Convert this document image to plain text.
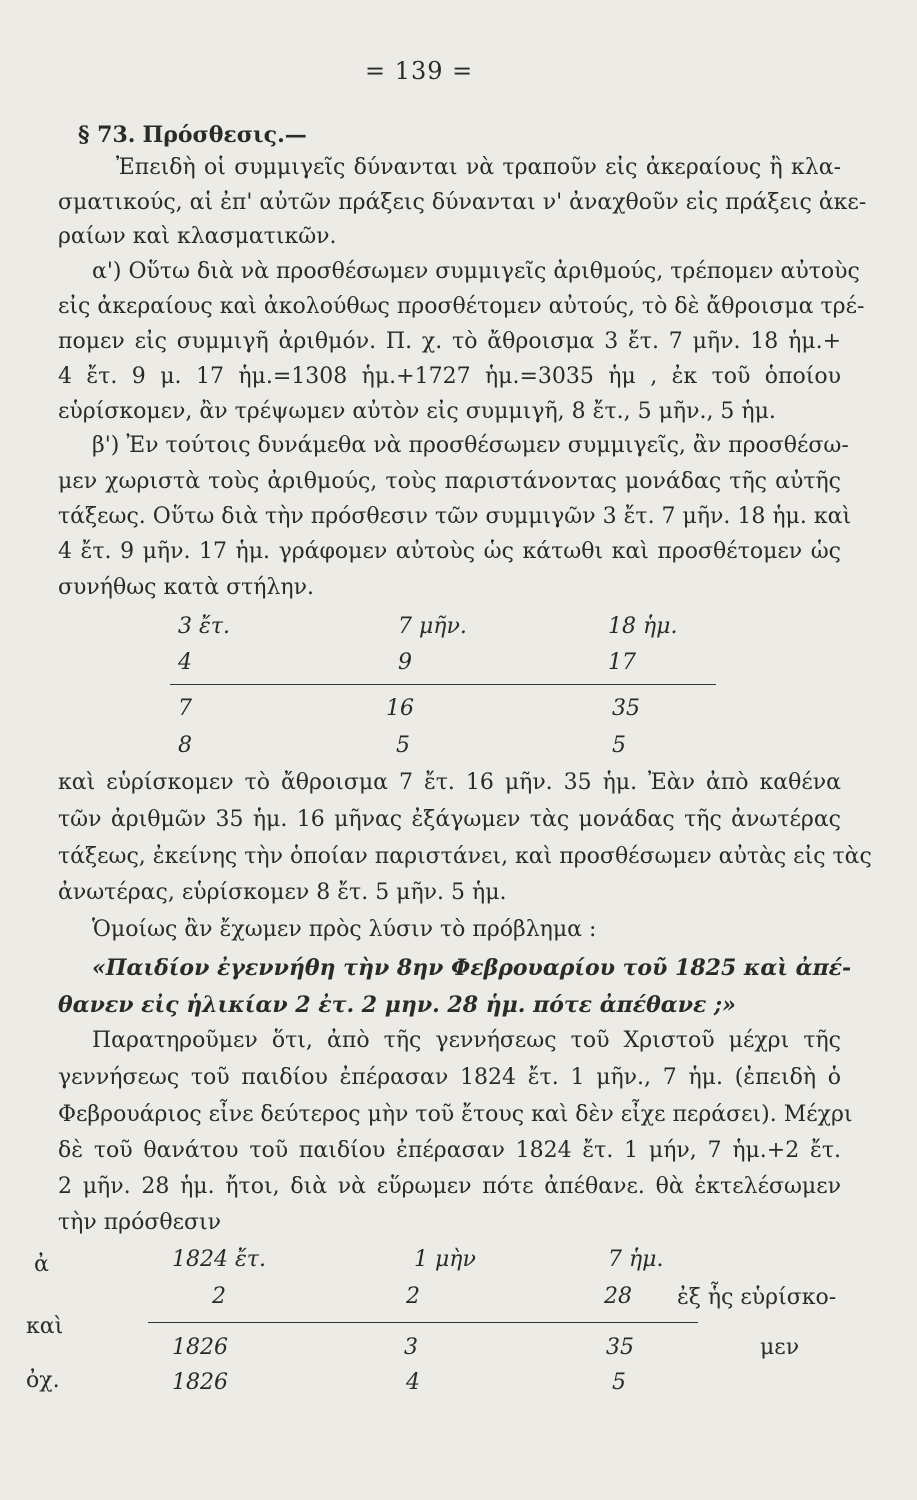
= 139 =
§ 73. Πρόσθεσις.—
Ἐπειδὴ οἱ συμμιγεῖς δύνανται νὰ τραποῦν εἰς ἀκεραίους ἢ κλα-
σματικούς, αἱ ἐπ' αὐτῶν πράξεις δύνανται ν' ἀναχθοῦν εἰς πράξεις ἀκε-
ραίων καὶ κλασματικῶν.
α') Οὕτω διὰ νὰ προσθέσωμεν συμμιγεῖς ἀριθμούς, τρέπομεν αὐτοὺς
εἰς ἀκεραίους καὶ ἀκολούθως προσθέτομεν αὐτούς, τὸ δὲ ἄθροισμα τρέ-
πομεν εἰς συμμιγῆ ἀριθμόν. Π. χ. τὸ ἄθροισμα 3 ἔτ. 7 μῆν. 18 ἡμ.+
4 ἔτ. 9 μ. 17 ἡμ.=1308 ἡμ.+1727 ἡμ.=3035 ἡμ , ἐκ τοῦ ὁποίου
εὑρίσκομεν, ἂν τρέψωμεν αὐτὸν εἰς συμμιγῆ, 8 ἔτ., 5 μῆν., 5 ἡμ.
β') Ἐν τούτοις δυνάμεθα νὰ προσθέσωμεν συμμιγεῖς, ἂν προσθέσω-
μεν χωριστὰ τοὺς ἀριθμούς, τοὺς παριστάνοντας μονάδας τῆς αὐτῆς
τάξεως. Οὕτω διὰ τὴν πρόσθεσιν τῶν συμμιγῶν 3 ἔτ. 7 μῆν. 18 ἡμ. καὶ
4 ἔτ. 9 μῆν. 17 ἡμ. γράφομεν αὐτοὺς ὡς κάτωθι καὶ προσθέτομεν ὡς
συνήθως κατὰ στήλην.
3 ἔτ.	7 μῆν.	18 ἡμ.
4	9	17
7	16	35
8	5	5
καὶ εὑρίσκομεν τὸ ἄθροισμα 7 ἔτ. 16 μῆν. 35 ἡμ. Ἐὰν ἀπὸ καθένα
τῶν ἀριθμῶν 35 ἡμ. 16 μῆνας ἐξάγωμεν τὰς μονάδας τῆς ἀνωτέρας
τάξεως, ἐκείνης τὴν ὁποίαν παριστάνει, καὶ προσθέσωμεν αὐτὰς εἰς τὰς
ἀνωτέρας, εὑρίσκομεν 8 ἔτ. 5 μῆν. 5 ἡμ.
Ὁμοίως ἂν ἔχωμεν πρὸς λύσιν τὸ πρόβλημα :
«Παιδίον ἐγεννήθη τὴν 8ην Φεβρουαρίου τοῦ 1825 καὶ ἀπέ-
θανεν εἰς ἡλικίαν 2 ἐτ. 2 μην. 28 ἡμ. πότε ἀπέθανε ;»
Παρατηροῦμεν ὅτι, ἀπὸ τῆς γεννήσεως τοῦ Χριστοῦ μέχρι τῆς
γεννήσεως τοῦ παιδίου ἐπέρασαν 1824 ἔτ. 1 μῆν., 7 ἡμ. (ἐπειδὴ ὁ
Φεβρουάριος εἶνε δεύτερος μὴν τοῦ ἔτους καὶ δὲν εἶχε περάσει). Μέχρι
δὲ τοῦ θανάτου τοῦ παιδίου ἐπέρασαν 1824 ἔτ. 1 μήν, 7 ἡμ.+2 ἔτ.
2 μῆν. 28 ἡμ. ἤτοι, διὰ νὰ εὕρωμεν πότε ἀπέθανε. θὰ ἐκτελέσωμεν
τὴν πρόσθεσιν
ἀ
καὶ
ὀχ.
1824 ἔτ.	1 μὴν	7 ἡμ.
2	2	28 ἐξ ἧς εὑρίσκο-
1826	3	35	μεν
1826	4	5
